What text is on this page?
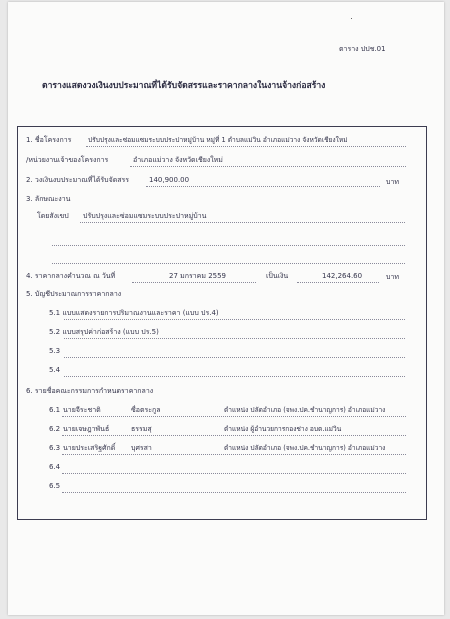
ตาราง ปปช.01
ตารางแสดงวงเงินงบประมาณที่ได้รับจัดสรรและราคากลางในงานจ้างก่อสร้าง
1. ชื่อโครงการ	ปรับปรุงและซ่อมแซมระบบประปาหมู่บ้าน หมู่ที่ 1 ตำบลแม่วิน อำเภอแม่วาง จังหวัดเชียงใหม่
/หน่วยงานเจ้าของโครงการ	อำเภอแม่วาง จังหวัดเชียงใหม่
2. วงเงินงบประมาณที่ได้รับจัดสรร	140,900.00	บาท
3. ลักษณะงาน
โดยสังเขป ปรับปรุงและซ่อมแซมระบบประปาหมู่บ้าน
4. ราคากลางคำนวณ ณ วันที่	27 มกราคม 2559	เป็นเงิน	142,264.60	บาท
5. บัญชีประมาณการราคากลาง
5.1 แบบแสดงรายการปริมาณงานและราคา (แบบ ปร.4)
5.2 แบบสรุปค่าก่อสร้าง (แบบ ปร.5)
5.3
5.4
6. รายชื่อคณะกรรมการกำหนดราคากลาง
6.1 นายจีระชาติ	ซื่อตระกูล	ตำแหน่ง ปลัดอำเภอ (จพง.ปค.ชำนาญการ) อำเภอแม่วาง
6.2 นายเจษฎาพันธ์	ธรรมสุ	ตำแหน่ง ผู้อำนวยการกองช่าง อบต.แม่วิน
6.3 นายประเสริฐศักดิ์ บุศรสา	ตำแหน่ง ปลัดอำเภอ (จพง.ปค.ชำนาญการ) อำเภอแม่วาง
6.4
6.5
